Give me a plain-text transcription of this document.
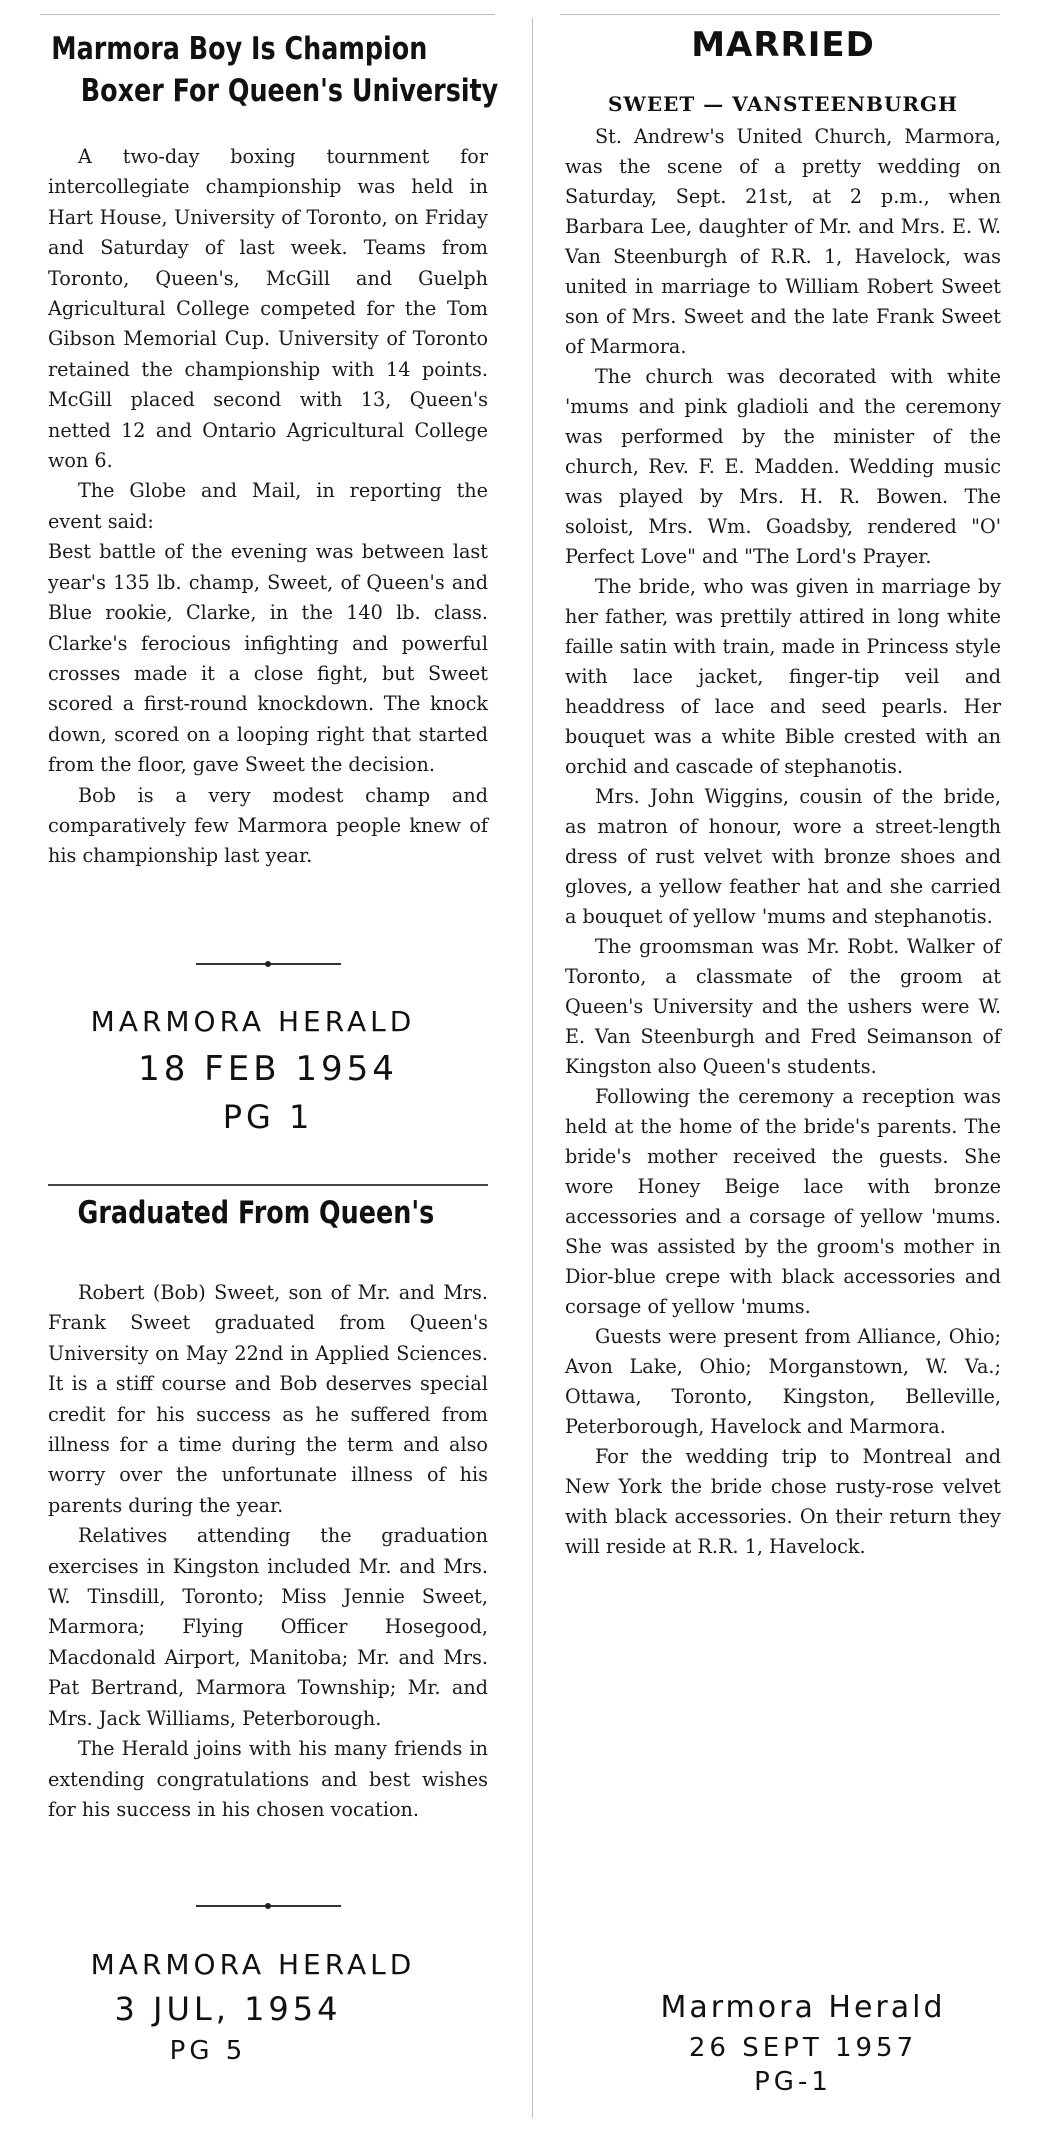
Marmora Boy Is Champion
Boxer For Queen's University

A two-day boxing tournment for intercollegiate championship was held in Hart House, University of Toronto, on Friday and Saturday of last week. Teams from Toronto, Queen's, McGill and Guelph Agricultural College competed for the Tom Gibson Memorial Cup. University of Toronto retained the championship with 14 points. McGill placed second with 13, Queen's netted 12 and Ontario Agricultural College won 6.

The Globe and Mail, in reporting the event said:

Best battle of the evening was between last year's 135 lb. champ, Sweet, of Queen's and Blue rookie, Clarke, in the 140 lb. class. Clarke's ferocious infighting and powerful crosses made it a close fight, but Sweet scored a first-round knockdown. The knock down, scored on a looping right that started from the floor, gave Sweet the decision.

Bob is a very modest champ and comparatively few Marmora people knew of his championship last year.

MARMORA HERALD

18 FEB 1954

PG 1

Graduated From Queen's

Robert (Bob) Sweet, son of Mr. and Mrs. Frank Sweet graduated from Queen's University on May 22nd in Applied Sciences. It is a stiff course and Bob deserves special credit for his success as he suffered from illness for a time during the term and also worry over the unfortunate illness of his parents during the year.

Relatives attending the graduation exercises in Kingston included Mr. and Mrs. W. Tinsdill, Toronto; Miss Jennie Sweet, Marmora; Flying Officer Hosegood, Macdonald Airport, Manitoba; Mr. and Mrs. Pat Bertrand, Marmora Township; Mr. and Mrs. Jack Williams, Peterborough.

The Herald joins with his many friends in extending congratulations and best wishes for his success in his chosen vocation.

MARMORA HERALD

3 JUL, 1954

PG 5

MARRIED
SWEET — VANSTEENBURGH

St. Andrew's United Church, Marmora, was the scene of a pretty wedding on Saturday, Sept. 21st, at 2 p.m., when Barbara Lee, daughter of Mr. and Mrs. E. W. Van Steenburgh of R.R. 1, Havelock, was united in marriage to William Robert Sweet son of Mrs. Sweet and the late Frank Sweet of Marmora.

The church was decorated with white 'mums and pink gladioli and the ceremony was performed by the minister of the church, Rev. F. E. Madden. Wedding music was played by Mrs. H. R. Bowen. The soloist, Mrs. Wm. Goadsby, rendered "O' Perfect Love" and "The Lord's Prayer.

The bride, who was given in marriage by her father, was prettily attired in long white faille satin with train, made in Princess style with lace jacket, finger-tip veil and headdress of lace and seed pearls. Her bouquet was a white Bible crested with an orchid and cascade of stephanotis.

Mrs. John Wiggins, cousin of the bride, as matron of honour, wore a street-length dress of rust velvet with bronze shoes and gloves, a yellow feather hat and she carried a bouquet of yellow 'mums and stephanotis.

The groomsman was Mr. Robt. Walker of Toronto, a classmate of the groom at Queen's University and the ushers were W. E. Van Steenburgh and Fred Seimanson of Kingston also Queen's students.

Following the ceremony a reception was held at the home of the bride's parents. The bride's mother received the guests. She wore Honey Beige lace with bronze accessories and a corsage of yellow 'mums. She was assisted by the groom's mother in Dior-blue crepe with black accessories and corsage of yellow 'mums.

Guests were present from Alliance, Ohio; Avon Lake, Ohio; Morganstown, W. Va.; Ottawa, Toronto, Kingston, Belleville, Peterborough, Havelock and Marmora.

For the wedding trip to Montreal and New York the bride chose rusty-rose velvet with black accessories. On their return they will reside at R.R. 1, Havelock.

Marmora Herald

26 SEPT 1957

PG-1
